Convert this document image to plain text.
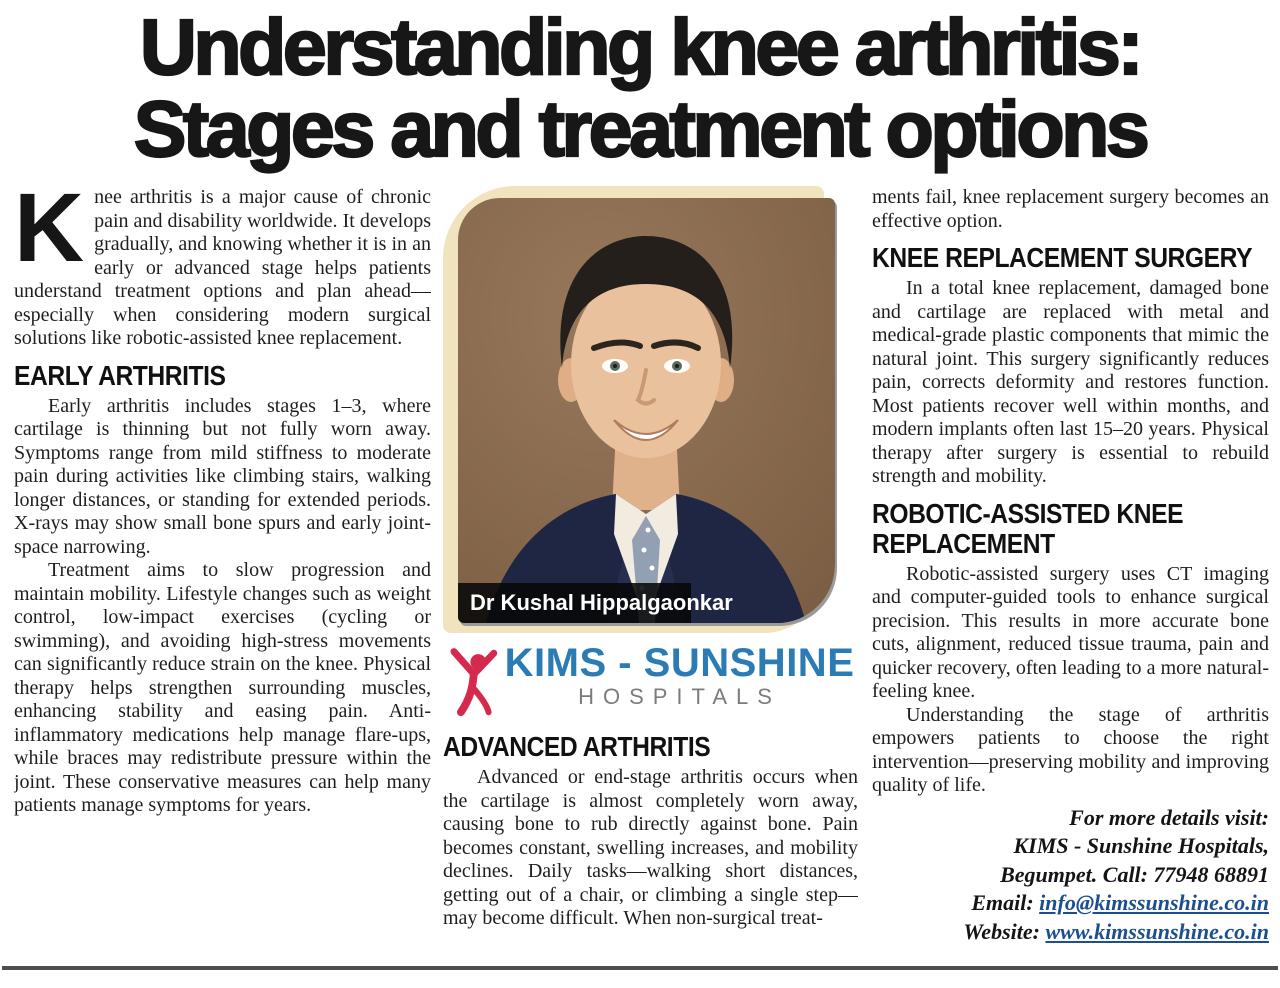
Understanding knee arthritis:
Stages and treatment options

Knee arthritis is a major cause of chronic pain and disability worldwide. It develops gradually, and knowing whether it is in an early or advanced stage helps patients understand treatment options and plan ahead—especially when considering modern surgical solutions like robotic-assisted knee replacement.

EARLY ARTHRITIS

Early arthritis includes stages 1–3, where cartilage is thinning but not fully worn away. Symptoms range from mild stiffness to moderate pain during activities like climbing stairs, walking longer distances, or standing for extended periods. X-rays may show small bone spurs and early joint-space narrowing.

Treatment aims to slow progression and maintain mobility. Lifestyle changes such as weight control, low-impact exercises (cycling or swimming), and avoiding high-stress movements can significantly reduce strain on the knee. Physical therapy helps strengthen surrounding muscles, enhancing stability and easing pain. Anti-inflammatory medications help manage flare-ups, while braces may redistribute pressure within the joint. These conservative measures can help many patients manage symptoms for years.

Dr Kushal Hippalgaonkar
KIMS - SUNSHINE
HOSPITALS
ADVANCED ARTHRITIS

Advanced or end-stage arthritis occurs when the cartilage is almost completely worn away, causing bone to rub directly against bone. Pain becomes constant, swelling increases, and mobility declines. Daily tasks—walking short distances, getting out of a chair, or climbing a single step—may become difficult. When non-surgical treat-

ments fail, knee replacement surgery becomes an effective option.

KNEE REPLACEMENT SURGERY

In a total knee replacement, damaged bone and cartilage are replaced with metal and medical-grade plastic components that mimic the natural joint. This surgery significantly reduces pain, corrects deformity and restores function. Most patients recover well within months, and modern implants often last 15–20 years. Physical therapy after surgery is essential to rebuild strength and mobility.

ROBOTIC-ASSISTED KNEE REPLACEMENT

Robotic-assisted surgery uses CT imaging and computer-guided tools to enhance surgical precision. This results in more accurate bone cuts, alignment, reduced tissue trauma, pain and quicker recovery, often leading to a more natural-feeling knee.

Understanding the stage of arthritis empowers patients to choose the right intervention—preserving mobility and improving quality of life.

For more details visit:
KIMS - Sunshine Hospitals,
Begumpet. Call: 77948 68891
Email: info@kimssunshine.co.in
Website: www.kimssunshine.co.in
